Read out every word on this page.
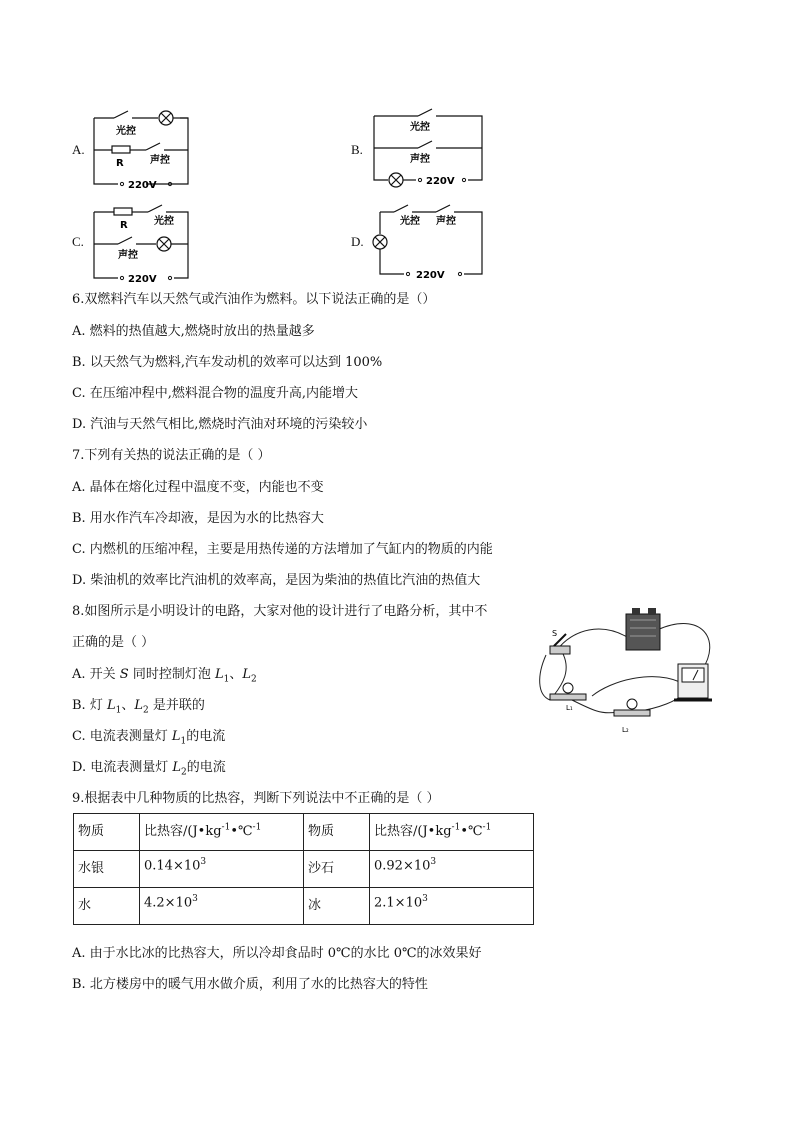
A.	B.
C.	D.
光控
R	声控
220V
光控
声控
220V
R	光控
声控
220V
光控 声控
220V
6.双燃料汽车以天然气或汽油作为燃料。以下说法正确的是（）
A. 燃料的热值越大,燃烧时放出的热量越多
B. 以天然气为燃料,汽车发动机的效率可以达到 100%
C. 在压缩冲程中,燃料混合物的温度升高,内能增大
D. 汽油与天然气相比,燃烧时汽油对环境的污染较小
7.下列有关热的说法正确的是（ ）
A. 晶体在熔化过程中温度不变，内能也不变
B. 用水作汽车冷却液，是因为水的比热容大
C. 内燃机的压缩冲程，主要是用热传递的方法增加了气缸内的物质的内能
D. 柴油机的效率比汽油机的效率高，是因为柴油的热值比汽油的热值大
8.如图所示是小明设计的电路，大家对他的设计进行了电路分析，其中不
正确的是（ ）
A. 开关 S 同时控制灯泡 $L_1$、$L_2$
B. 灯 $L_1$、$L_2$ 是并联的
C. 电流表测量灯 $L_1$的电流
D. 电流表测量灯 $L_2$的电流
S
L₁
L₂
9.根据表中几种物质的比热容，判断下列说法中不正确的是（ ）
物质	比热容$/(J•kg^{-1}•℃^{-1}$	物质	比热容$/(J•kg^{-1}•℃^{-1}$
水银	$0.14\times 10^3$	沙石	$0.92\times 10^3$
水	$4.2\times 10^3$	冰	$2.1\times 10^3$
A. 由于水比冰的比热容大，所以冷却食品时 0℃的水比 0℃的冰效果好
B. 北方楼房中的暖气用水做介质，利用了水的比热容大的特性
